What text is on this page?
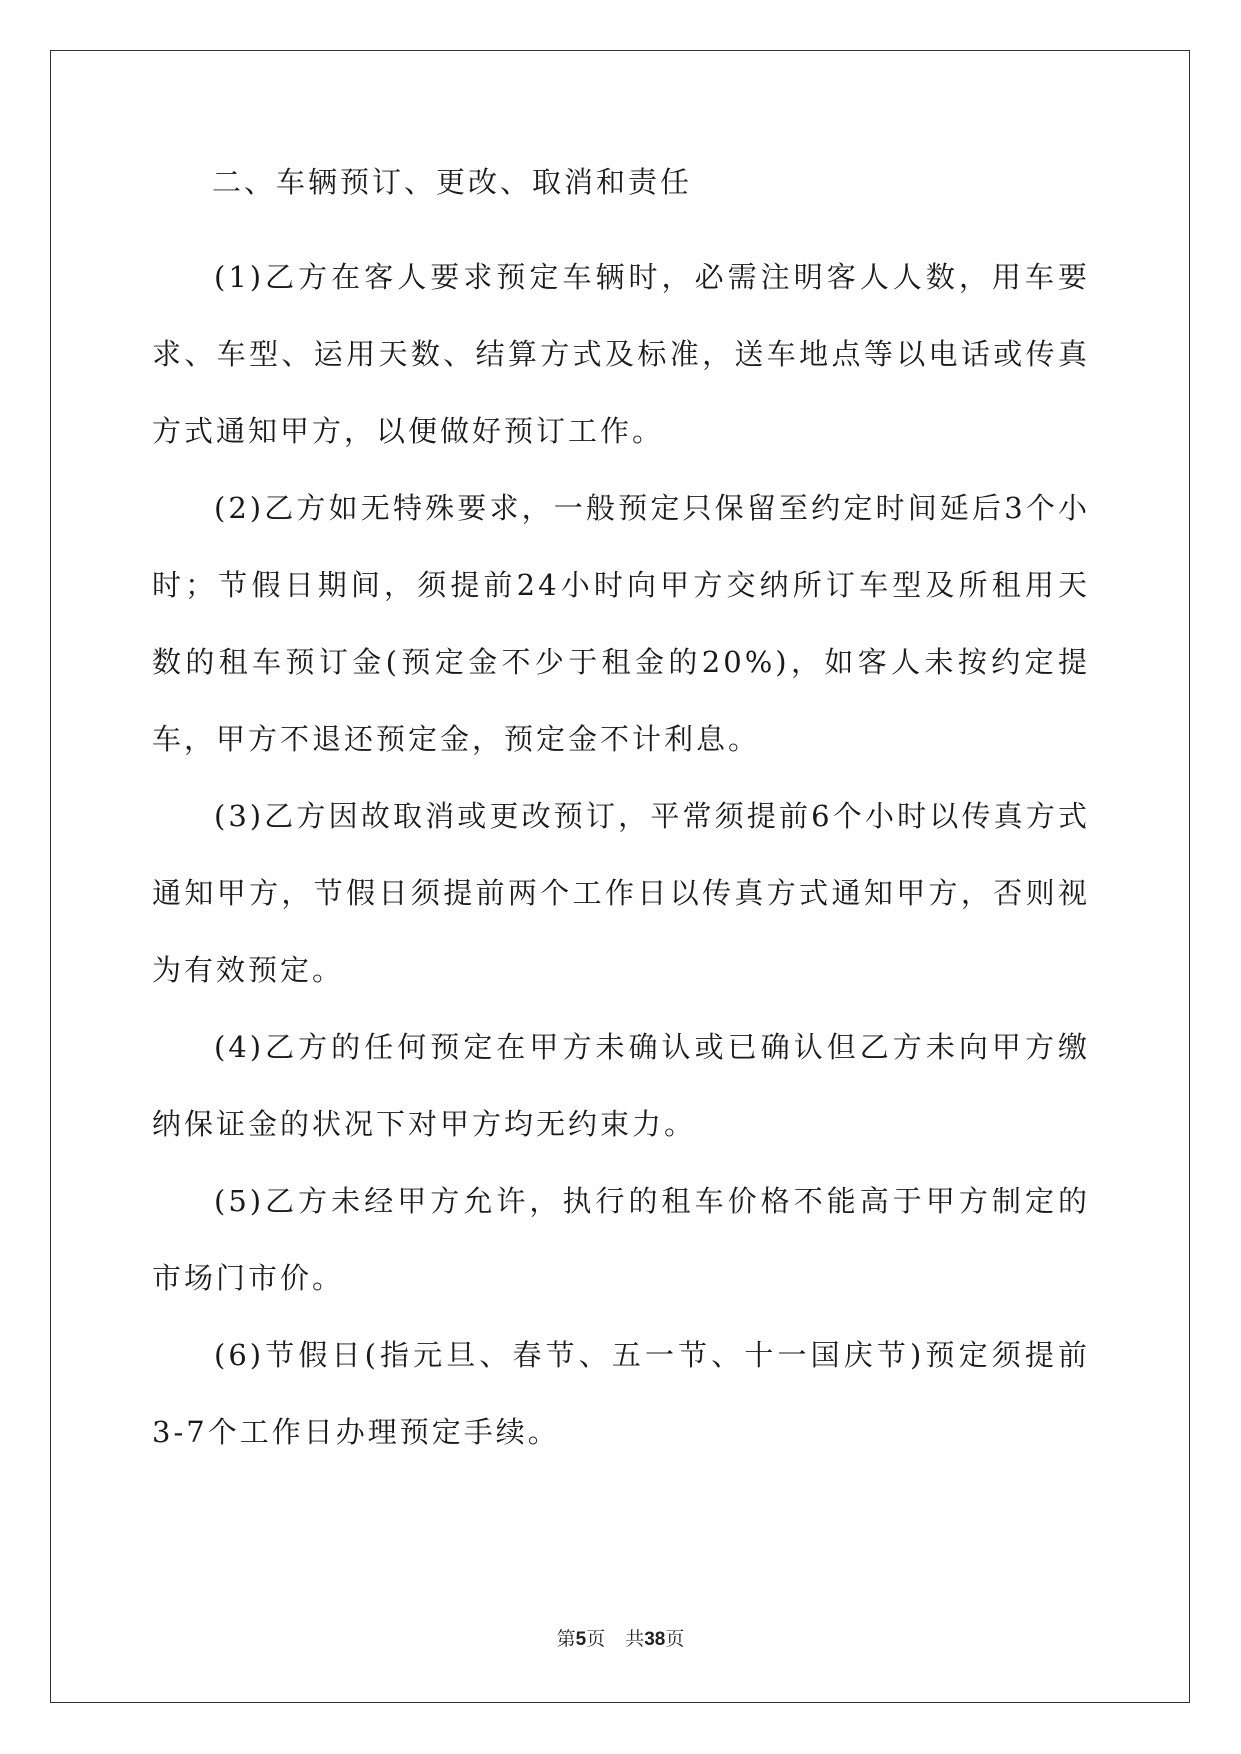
二、车辆预订、更改、取消和责任

(1)乙方在客人要求预定车辆时，必需注明客人人数，用车要求、车型、运用天数、结算方式及标准，送车地点等以电话或传真方式通知甲方，以便做好预订工作。

(2)乙方如无特殊要求，一般预定只保留至约定时间延后3个小时；节假日期间，须提前24小时向甲方交纳所订车型及所租用天数的租车预订金(预定金不少于租金的20%)，如客人未按约定提车，甲方不退还预定金，预定金不计利息。

(3)乙方因故取消或更改预订，平常须提前6个小时以传真方式通知甲方，节假日须提前两个工作日以传真方式通知甲方，否则视为有效预定。

(4)乙方的任何预定在甲方未确认或已确认但乙方未向甲方缴纳保证金的状况下对甲方均无约束力。

(5)乙方未经甲方允许，执行的租车价格不能高于甲方制定的市场门市价。

(6)节假日(指元旦、春节、五一节、十一国庆节)预定须提前3-7个工作日办理预定手续。

第5页 共38页
